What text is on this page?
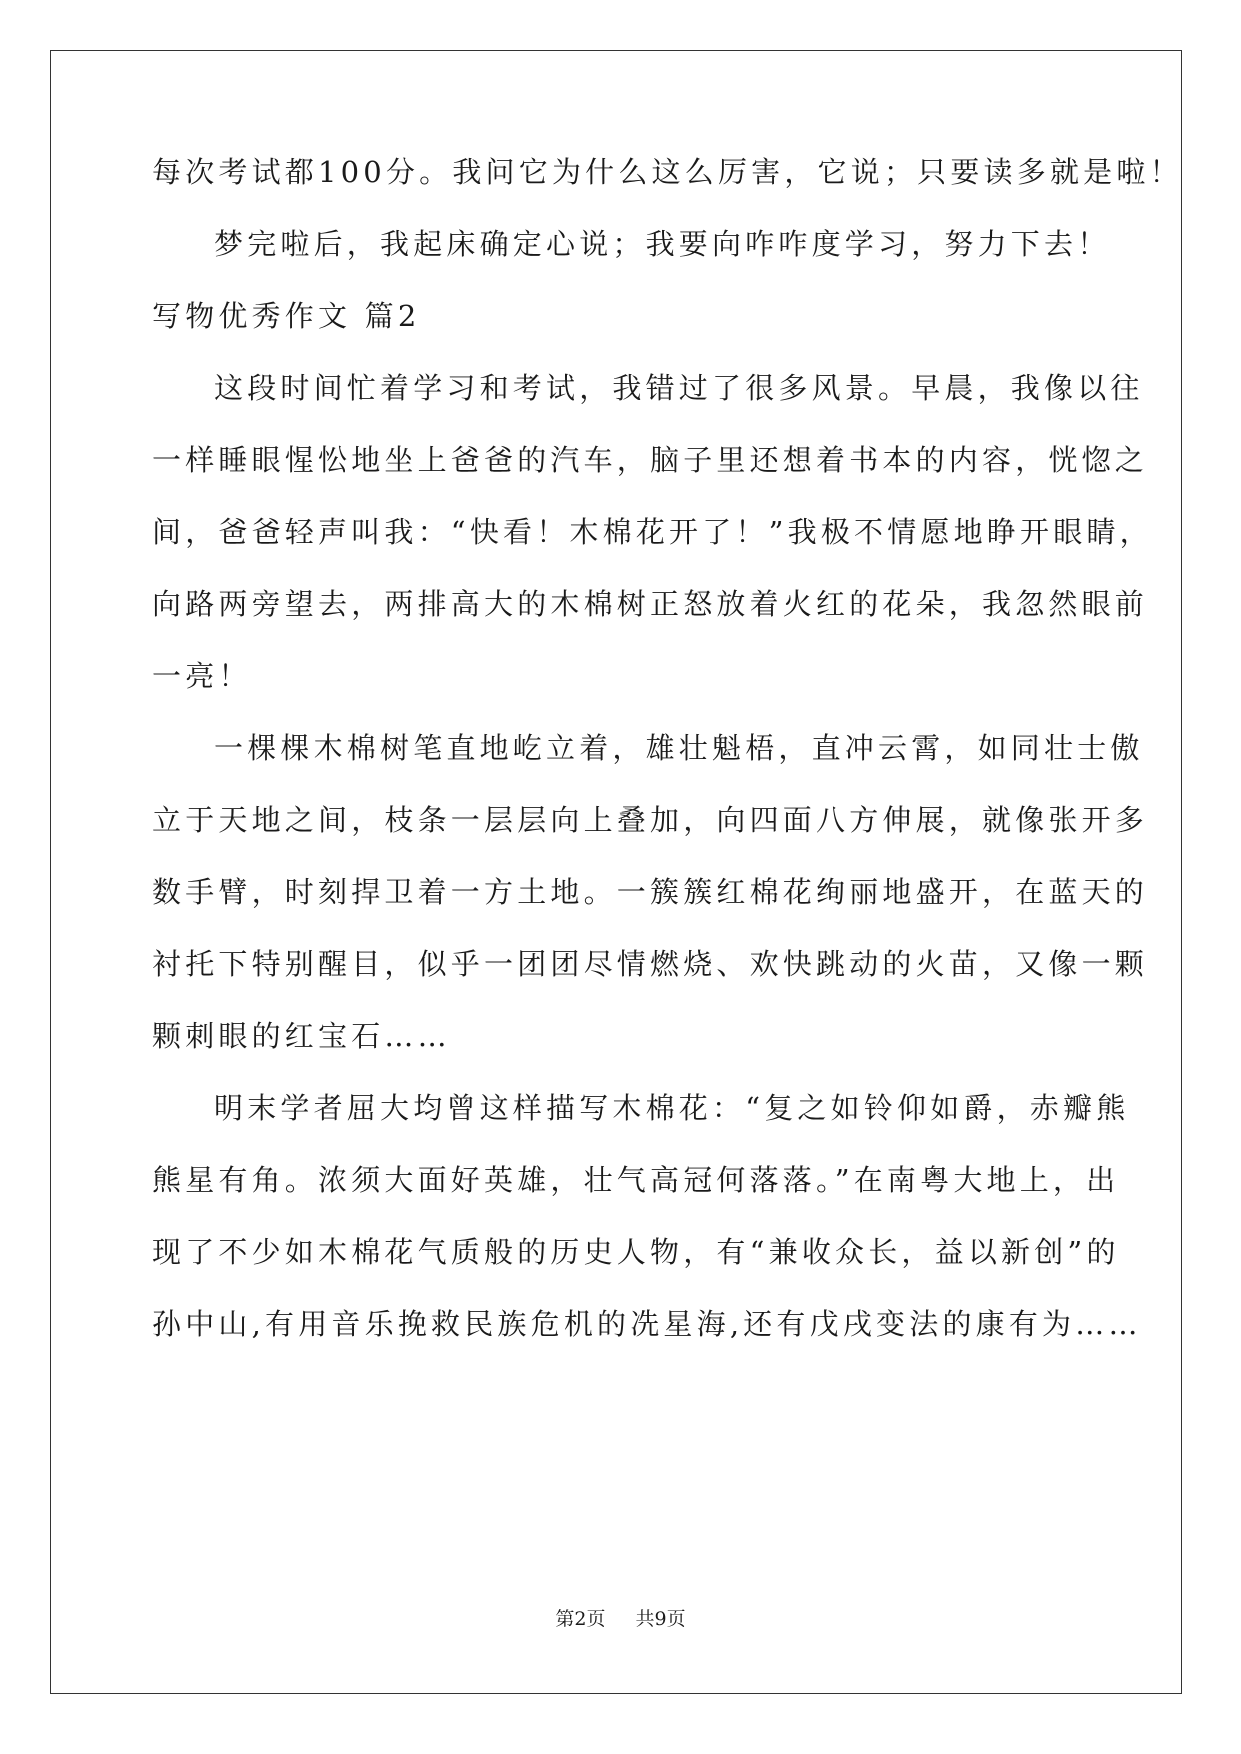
每次考试都100分。我问它为什么这么厉害，它说；只要读多就是啦！
梦完啦后，我起床确定心说；我要向咋咋度学习，努力下去！
写物优秀作文 篇2
这段时间忙着学习和考试，我错过了很多风景。早晨，我像以往
一样睡眼惺忪地坐上爸爸的汽车，脑子里还想着书本的内容，恍惚之
间，爸爸轻声叫我：“快看！木棉花开了！”我极不情愿地睁开眼睛，
向路两旁望去，两排高大的木棉树正怒放着火红的花朵，我忽然眼前
一亮！
一棵棵木棉树笔直地屹立着，雄壮魁梧，直冲云霄，如同壮士傲
立于天地之间，枝条一层层向上叠加，向四面八方伸展，就像张开多
数手臂，时刻捍卫着一方土地。一簇簇红棉花绚丽地盛开，在蓝天的
衬托下特别醒目，似乎一团团尽情燃烧、欢快跳动的火苗，又像一颗
颗刺眼的红宝石……
明末学者屈大均曾这样描写木棉花：“复之如铃仰如爵，赤瓣熊
熊星有角。浓须大面好英雄，壮气高冠何落落。”在南粤大地上，出
现了不少如木棉花气质般的历史人物，有“兼收众长，益以新创”的
孙中山,有用音乐挽救民族危机的冼星海,还有戊戌变法的康有为……
第2页 共9页
